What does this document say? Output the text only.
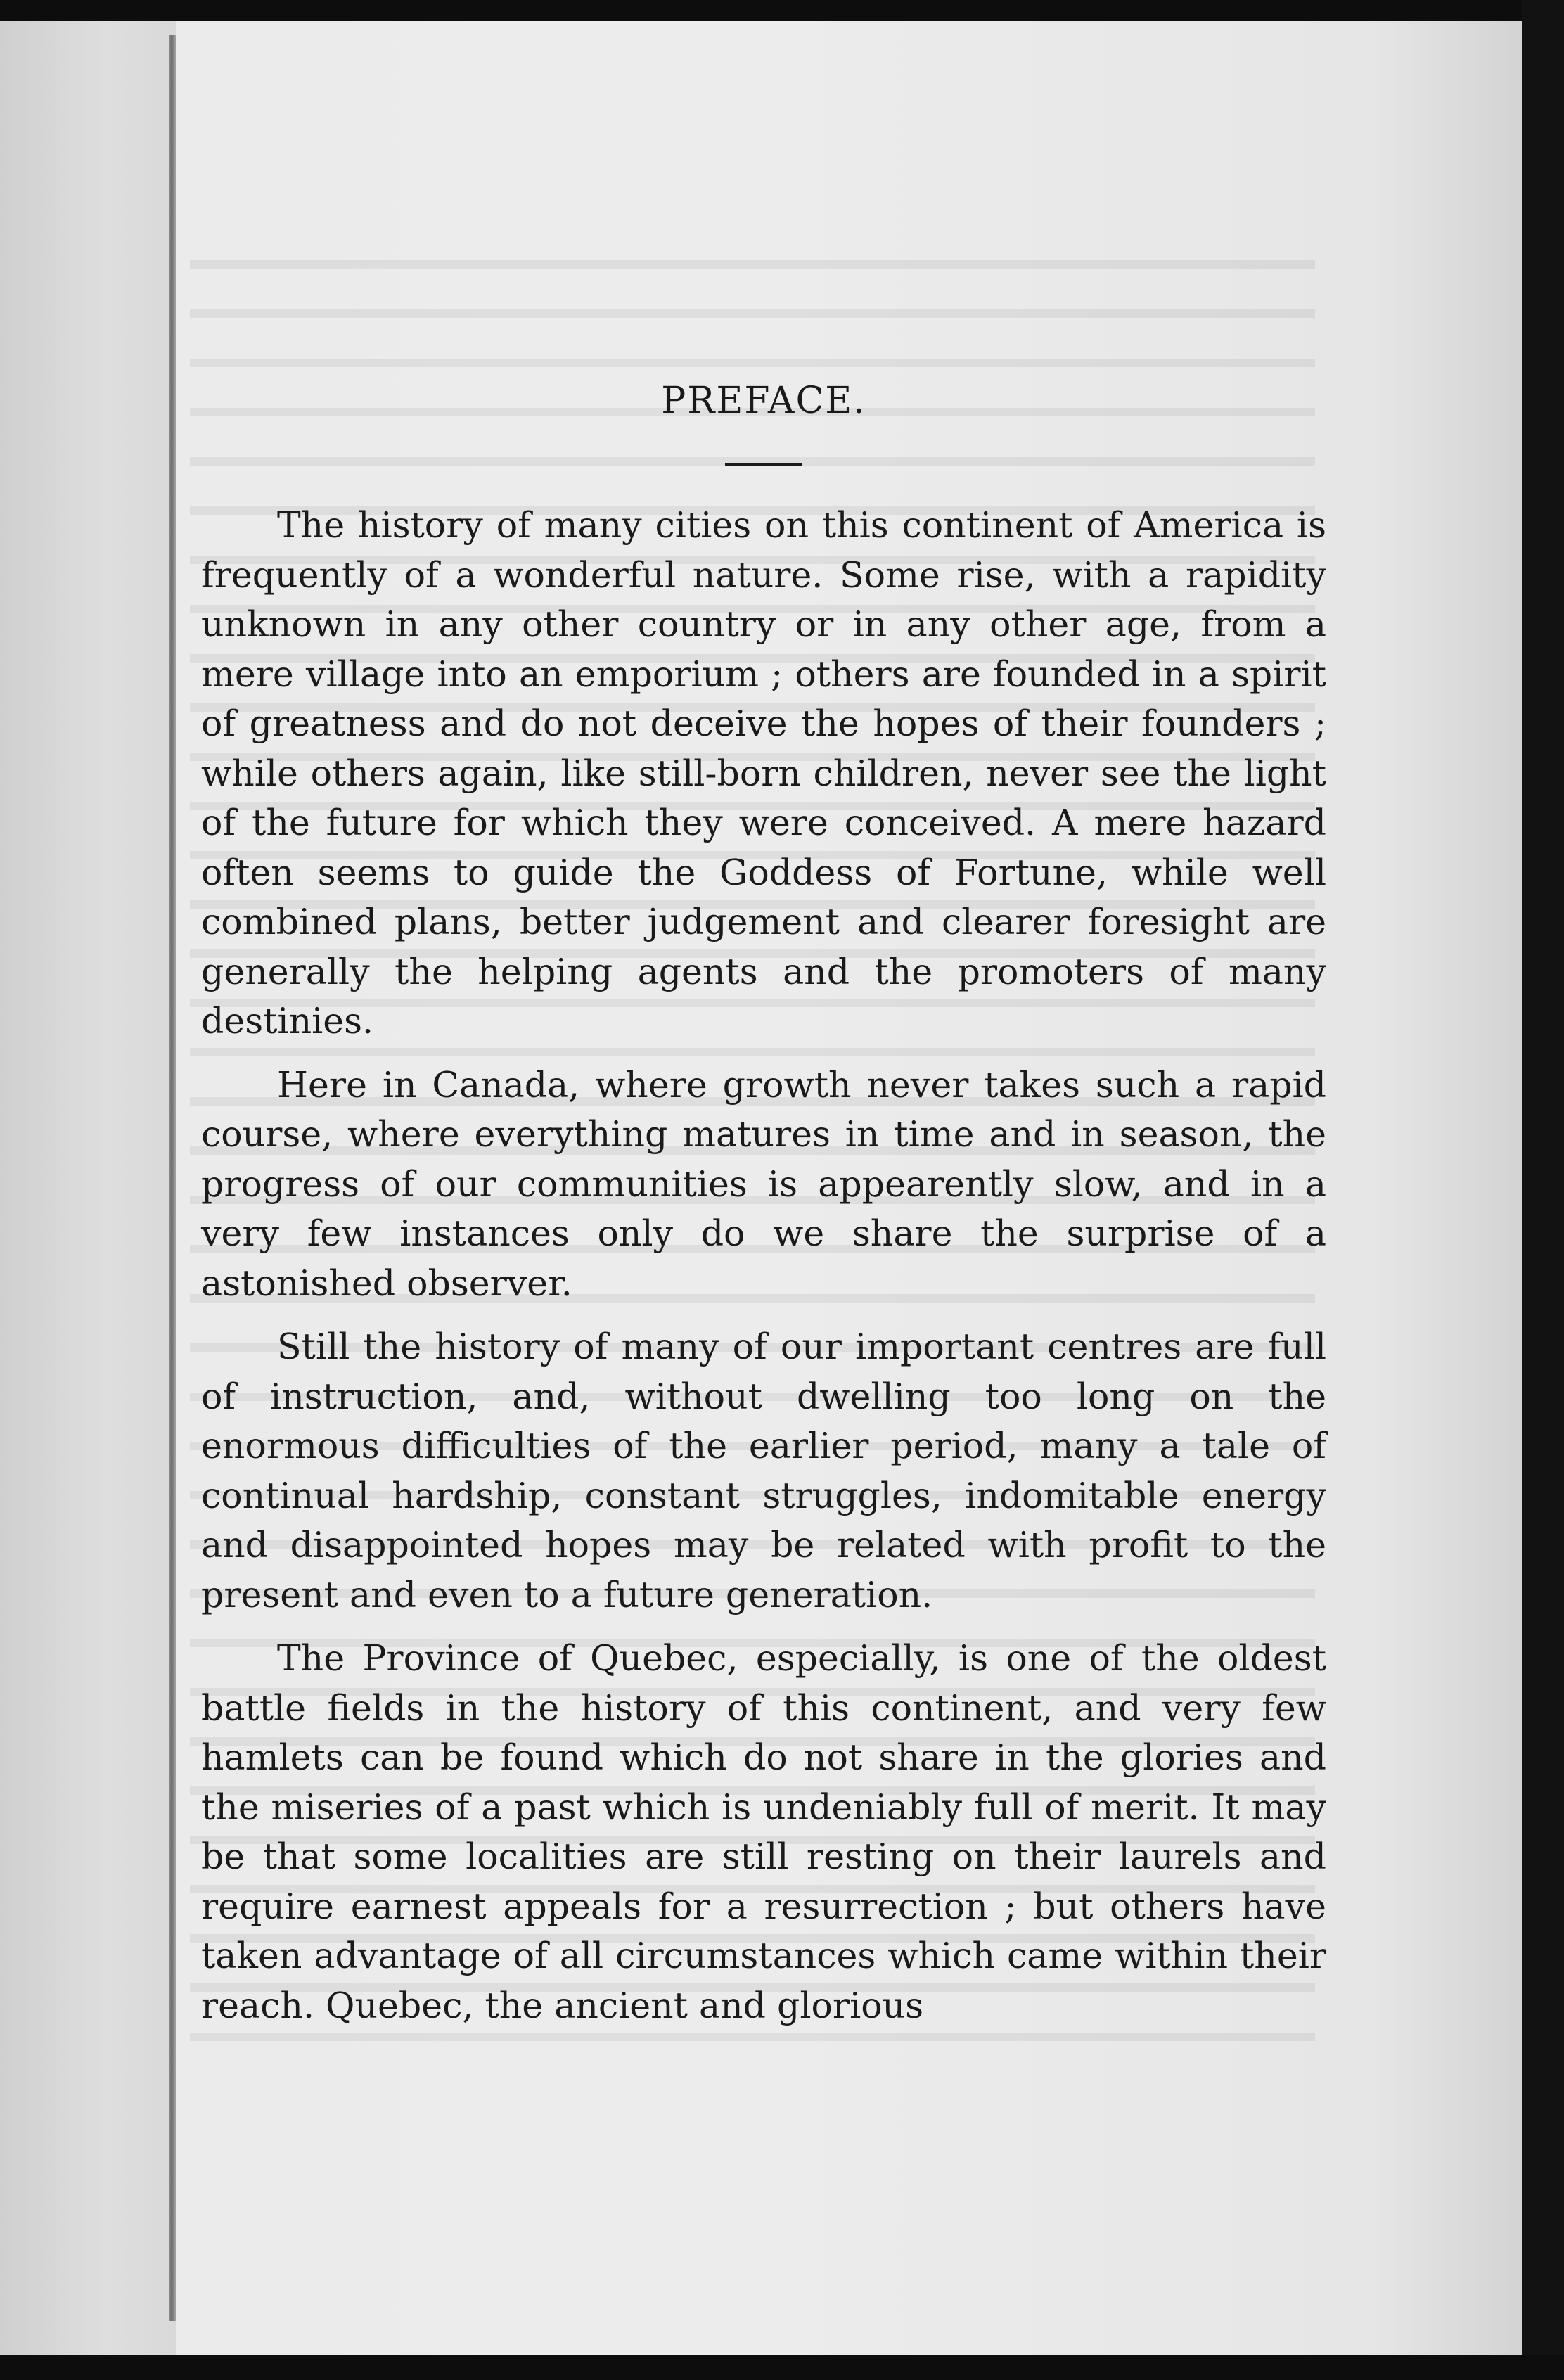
PREFACE.

The history of many cities on this continent of America is frequently of a wonderful nature. Some rise, with a rapidity unknown in any other country or in any other age, from a mere village into an emporium ; others are founded in a spirit of greatness and do not deceive the hopes of their founders ; while others again, like still-born children, never see the light of the future for which they were conceived. A mere hazard often seems to guide the Goddess of Fortune, while well combined plans, better judgement and clearer foresight are generally the helping agents and the promoters of many destinies.

Here in Canada, where growth never takes such a rapid course, where everything matures in time and in season, the progress of our communities is appearently slow, and in a very few instances only do we share the surprise of a astonished observer.

Still the history of many of our important centres are full of instruction, and, without dwelling too long on the enormous difficulties of the earlier period, many a tale of continual hardship, constant struggles, indomitable energy and disappointed hopes may be related with profit to the present and even to a future generation.

The Province of Quebec, especially, is one of the oldest battle fields in the history of this continent, and very few hamlets can be found which do not share in the glories and the miseries of a past which is undeniably full of merit. It may be that some localities are still resting on their laurels and require earnest appeals for a resurrection ; but others have taken advantage of all circumstances which came within their reach. Quebec, the ancient and glorious
